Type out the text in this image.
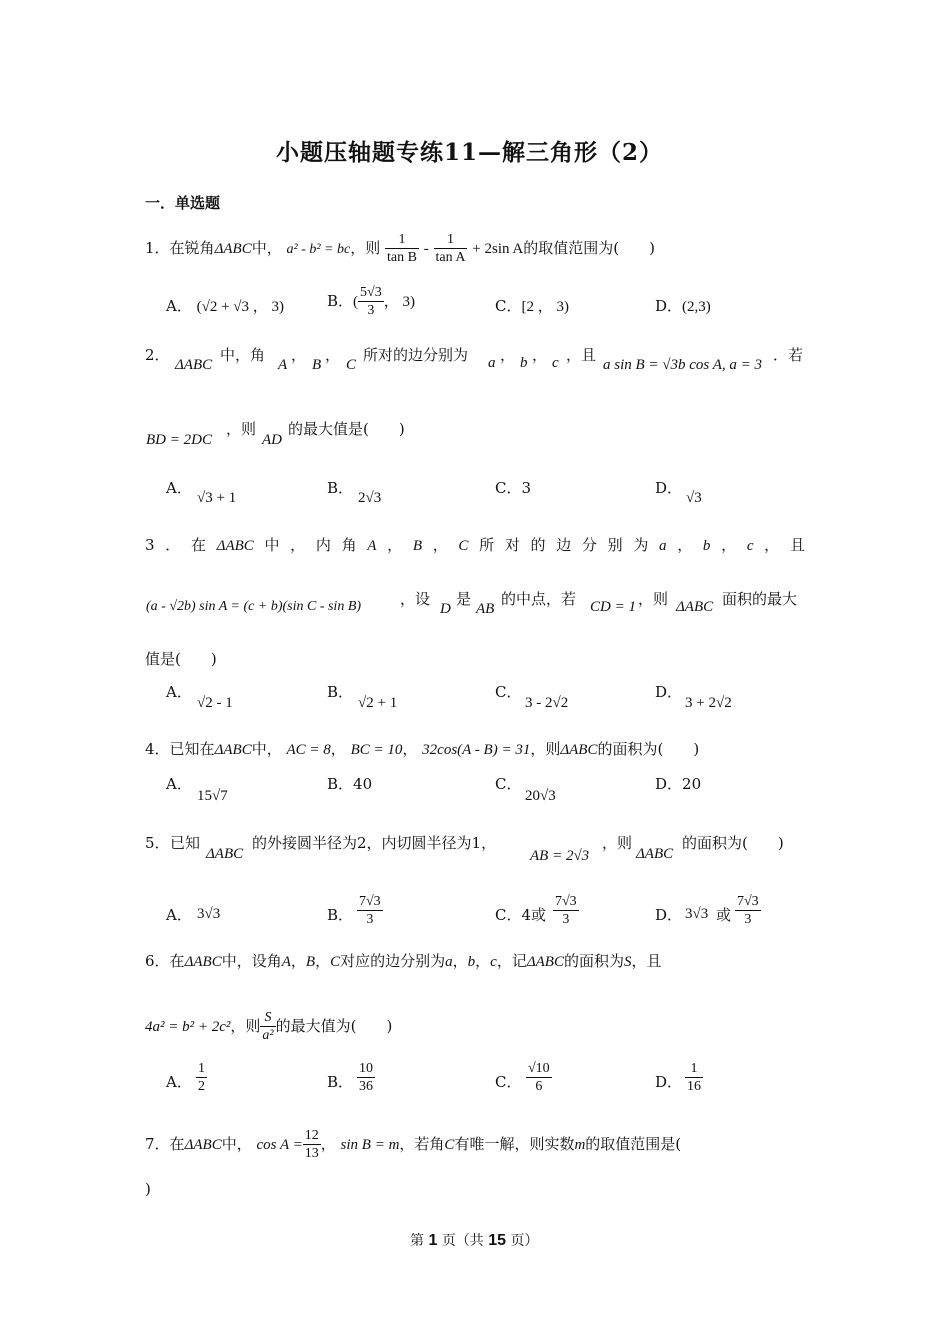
小题压轴题专练11—解三角形（2）
一．单选题
1．在锐角ΔABC中， a² - b² = bc，则 $\frac{1}{\text{tan B}} - \frac{1}{\text{tan A}} + 2\sin$ A的取值范围为(　　)
A． (√2 + √3 ， 3)	B．( $\frac{5√3}{3}$ ， 3)	C．[2 ， 3)	D．(2,3)
2．
ΔABC
中，角
A
，
B
，
C
所对的边分别为 a ， b ， c ，且
a sin B = √3b cos A, a = 3
．若
BD = 2DC
，则
AD
的最大值是(　　)
A．
√3 + 1
B．
2√3
C．3	D．
√3
3 ． 在 ΔABC 中 ， 内 角 A ， B ， C 所 对 的 边 分 别 为 a ， b ， c ， 且
(a - √2b) sin A = (c + b)(sin C - sin B)	，设
D
是
AB
的中点，若 CD = 1 ，则 ΔABC 面积的最大
值是(　　)
A．
√2 - 1
B．
√2 + 1
C．
3 - 2√2
D．
3 + 2√2
4．已知在ΔABC中， AC = 8， BC = 10， 32cos(A - B) = 31，则ΔABC的面积为(　　)
A．
15√7
B．40	C．
20√3
D．20
5． 已知
ΔABC
的外接圆半径为2，内切圆半径为1，
AB = 2√3
，则
ΔABC
的面积为(　　)
A． 3√3	B． $\frac{7√3}{3}$	C．4或 $\frac{7√3}{3}$	D． 3√3 或 $\frac{7√3}{3}$
6．在ΔABC中，设角A，B，C对应的边分别为a，b，c，记ΔABC的面积为S，且
4a² = b² + 2c²，则 $\frac{S}{\text{a²}}$ 的最大值为(　　)
A． $\frac{1}{2}$	B． $\frac{10}{36}$	C． $\frac{√10}{6}$	D． $\frac{1}{16}$
7．在ΔABC中， $\cos A = \frac{12}{13}$ ， sin B = m，若角C有唯一解，则实数m的取值范围是(
)
第 1 页（共 15 页）
